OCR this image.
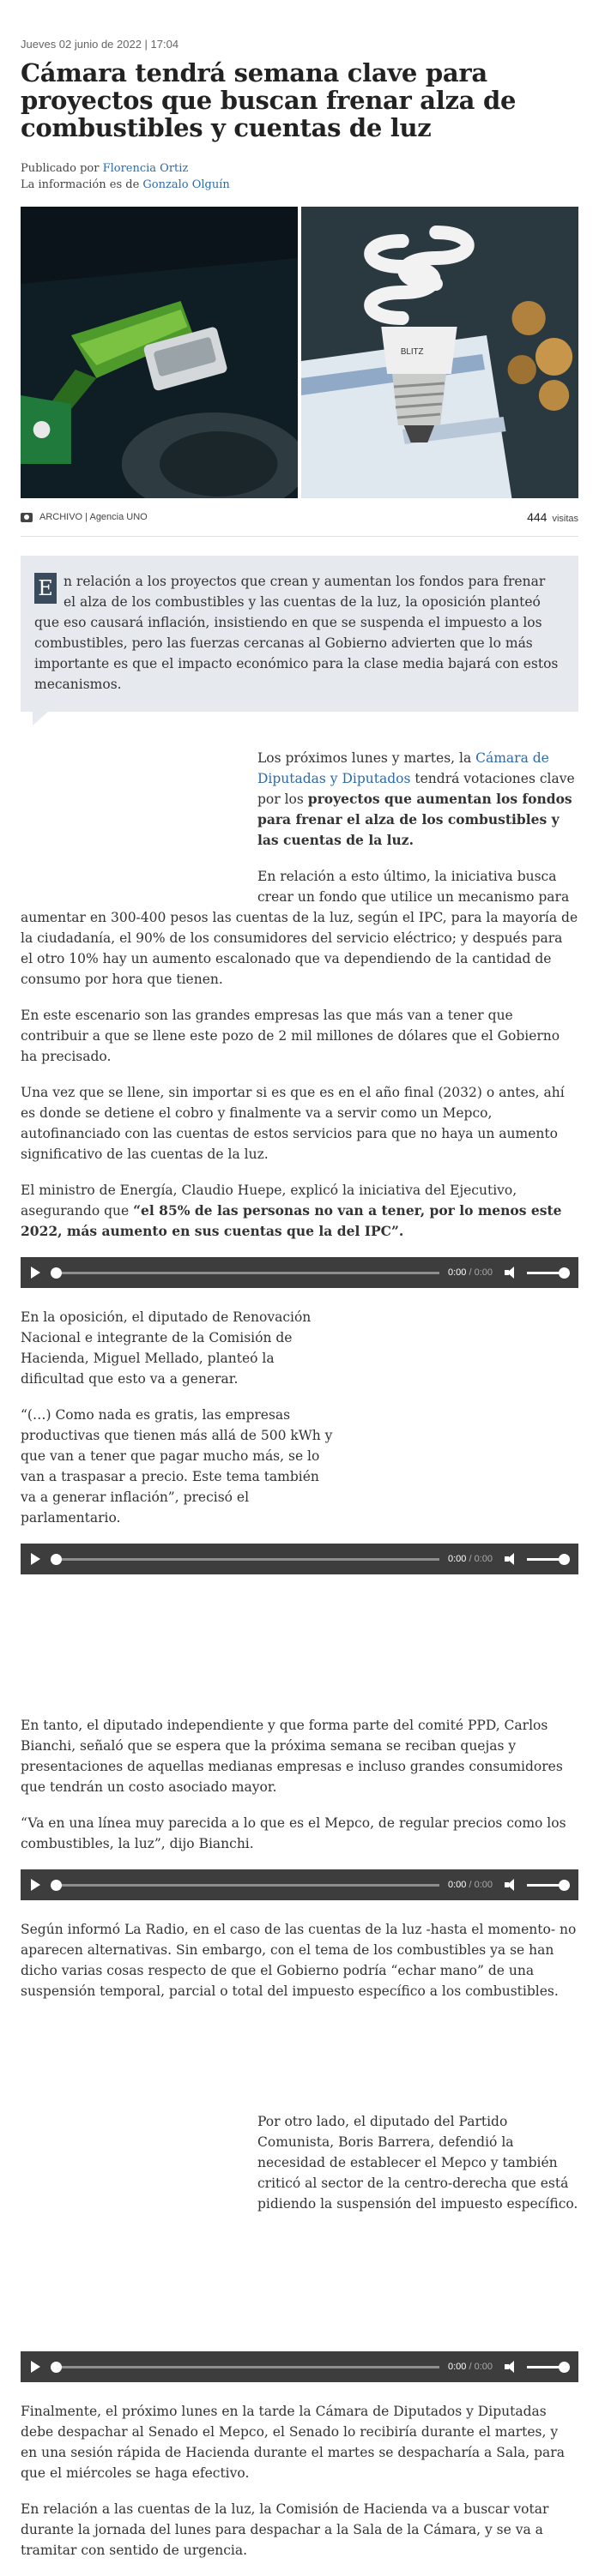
Jueves 02 junio de 2022 | 17:04
Cámara tendrá semana clave para proyectos que buscan frenar alza de combustibles y cuentas de luz
Publicado por Florencia Ortiz
La información es de Gonzalo Olguín
BLITZ
ARCHIVO | Agencia UNO	444 visitas
E n relación a los proyectos que crean y aumentan los fondos para frenar el alza de los combustibles y las cuentas de la luz, la oposición planteó que eso causará inflación, insistiendo en que se suspenda el impuesto a los combustibles, pero las fuerzas cercanas al Gobierno advierten que lo más importante es que el impacto económico para la clase media bajará con estos mecanismos.

Los próximos lunes y martes, la Cámara de Diputadas y Diputados tendrá votaciones clave por los proyectos que aumentan los fondos para frenar el alza de los combustibles y las cuentas de la luz.

En relación a esto último, la iniciativa busca crear un fondo que utilice un mecanismo para aumentar en 300-400 pesos las cuentas de la luz, según el IPC, para la mayoría de la ciudadanía, el 90% de los consumidores del servicio eléctrico; y después para el otro 10% hay un aumento escalonado que va dependiendo de la cantidad de consumo por hora que tienen.

En este escenario son las grandes empresas las que más van a tener que contribuir a que se llene este pozo de 2 mil millones de dólares que el Gobierno ha precisado.

Una vez que se llene, sin importar si es que es en el año final (2032) o antes, ahí es donde se detiene el cobro y finalmente va a servir como un Mepco, autofinanciado con las cuentas de estos servicios para que no haya un aumento significativo de las cuentas de la luz.

El ministro de Energía, Claudio Huepe, explicó la iniciativa del Ejecutivo, asegurando que “el 85% de las personas no van a tener, por lo menos este 2022, más aumento en sus cuentas que la del IPC”.

0:00 / 0:00

En la oposición, el diputado de Renovación Nacional e integrante de la Comisión de Hacienda, Miguel Mellado, planteó la dificultad que esto va a generar.

“(…) Como nada es gratis, las empresas productivas que tienen más allá de 500 kWh y que van a tener que pagar mucho más, se lo van a traspasar a precio. Este tema también va a generar inflación”, precisó el parlamentario.

0:00 / 0:00

En tanto, el diputado independiente y que forma parte del comité PPD, Carlos Bianchi, señaló que se espera que la próxima semana se reciban quejas y presentaciones de aquellas medianas empresas e incluso grandes consumidores que tendrán un costo asociado mayor.

“Va en una línea muy parecida a lo que es el Mepco, de regular precios como los combustibles, la luz”, dijo Bianchi.

0:00 / 0:00

Según informó La Radio, en el caso de las cuentas de la luz -hasta el momento- no aparecen alternativas. Sin embargo, con el tema de los combustibles ya se han dicho varias cosas respecto de que el Gobierno podría “echar mano” de una suspensión temporal, parcial o total del impuesto específico a los combustibles.

Por otro lado, el diputado del Partido Comunista, Boris Barrera, defendió la necesidad de establecer el Mepco y también criticó al sector de la centro-derecha que está pidiendo la suspensión del impuesto específico.

0:00 / 0:00

Finalmente, el próximo lunes en la tarde la Cámara de Diputados y Diputadas debe despachar al Senado el Mepco, el Senado lo recibiría durante el martes, y en una sesión rápida de Hacienda durante el martes se despacharía a Sala, para que el miércoles se haga efectivo.

En relación a las cuentas de la luz, la Comisión de Hacienda va a buscar votar durante la jornada del lunes para despachar a la Sala de la Cámara, y se va a tramitar con sentido de urgencia.
